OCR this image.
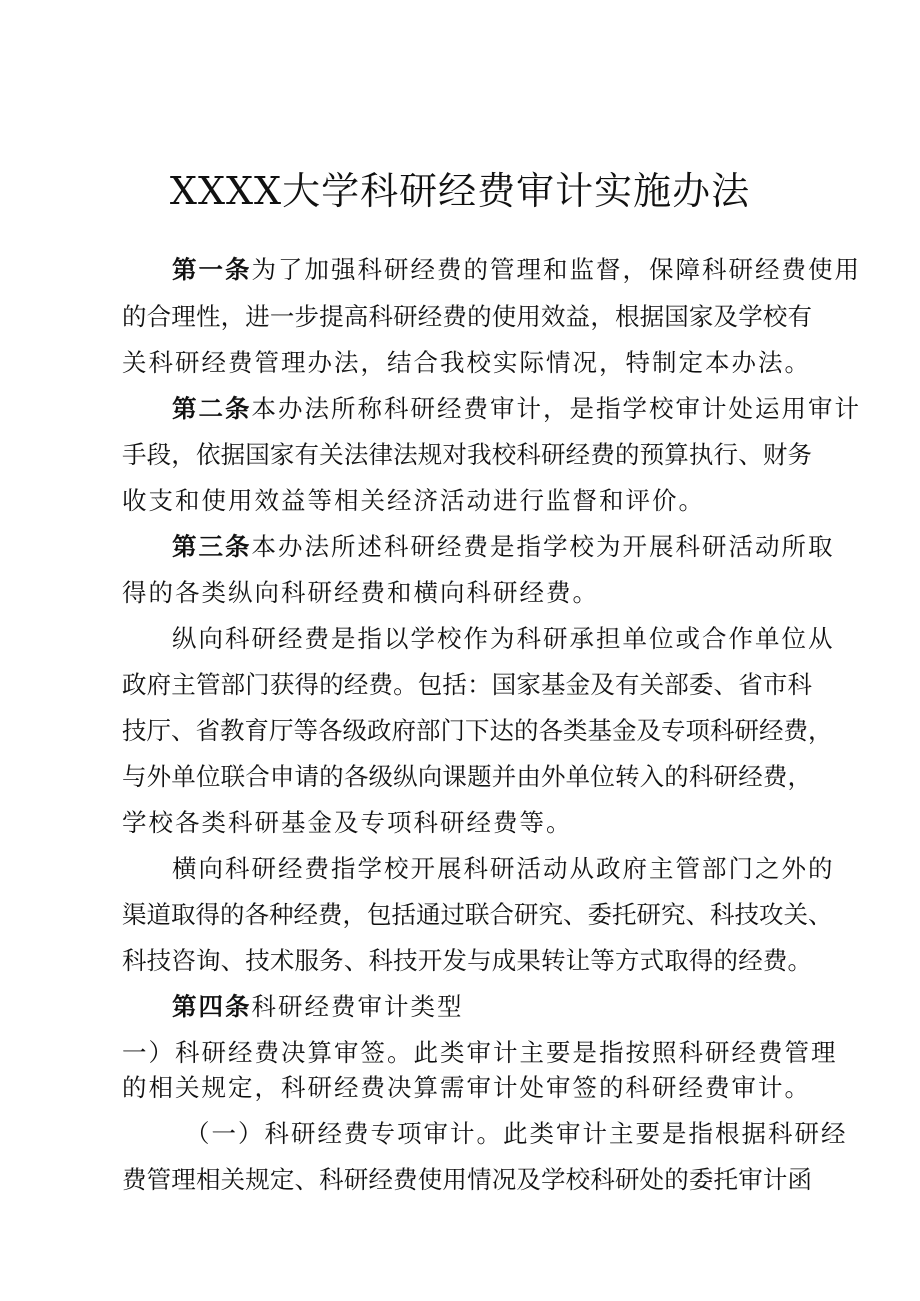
XXXX大学科研经费审计实施办法
第一条为了加强科研经费的管理和监督，保障科研经费使用
的合理性，进一步提高科研经费的使用效益，根据国家及学校有
关科研经费管理办法，结合我校实际情况，特制定本办法。
第二条本办法所称科研经费审计，是指学校审计处运用审计
手段，依据国家有关法律法规对我校科研经费的预算执行、财务
收支和使用效益等相关经济活动进行监督和评价。
第三条本办法所述科研经费是指学校为开展科研活动所取
得的各类纵向科研经费和横向科研经费。
纵向科研经费是指以学校作为科研承担单位或合作单位从
政府主管部门获得的经费。包括：国家基金及有关部委、省市科
技厅、省教育厅等各级政府部门下达的各类基金及专项科研经费，
与外单位联合申请的各级纵向课题并由外单位转入的科研经费，
学校各类科研基金及专项科研经费等。
横向科研经费指学校开展科研活动从政府主管部门之外的
渠道取得的各种经费，包括通过联合研究、委托研究、科技攻关、
科技咨询、技术服务、科技开发与成果转让等方式取得的经费。
第四条科研经费审计类型
一）科研经费决算审签。此类审计主要是指按照科研经费管理
的相关规定，科研经费决算需审计处审签的科研经费审计。
（一）科研经费专项审计。此类审计主要是指根据科研经
费管理相关规定、科研经费使用情况及学校科研处的委托审计函
